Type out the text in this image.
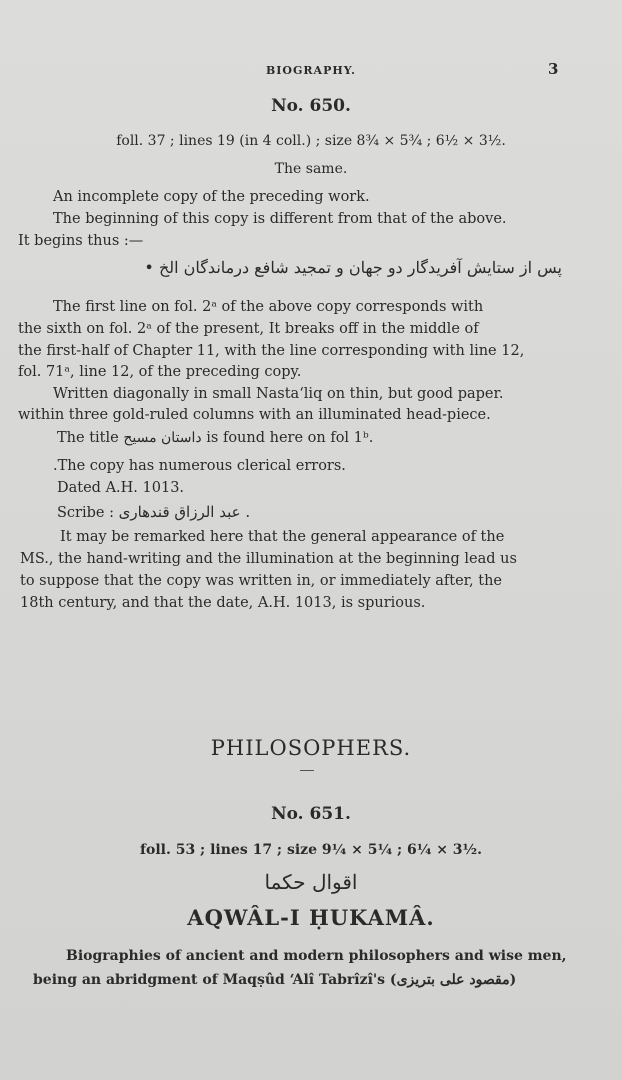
BIOGRAPHY.	3
No. 650.
foll. 37 ; lines 19 (in 4 coll.) ; size 8¾ × 5¾ ; 6½ × 3½.
The same.
An incomplete copy of the preceding work.
The beginning of this copy is different from that of the above.
It begins thus :—
پس از ستایش آفریدگار دو جهان و تمجید شافع درماندگان الخ •
The first line on fol. 2ᵃ of the above copy corresponds with
the sixth on fol. 2ᵃ of the present, It breaks off in the middle of
the first-half of Chapter 11, with the line corresponding with line 12,
fol. 71ᵃ, line 12, of the preceding copy.
Written diagonally in small Nastaʻliq on thin, but good paper.
within three gold-ruled columns with an illuminated head-piece.
The title داستان مسیح is found here on fol 1ᵇ.
.The copy has numerous clerical errors.
Dated A.H. 1013.
Scribe : عبد الرزاق قندهاری .
It may be remarked here that the general appearance of the
MS., the hand-writing and the illumination at the beginning lead us
to suppose that the copy was written in, or immediately after, the
18th century, and that the date, A.H. 1013, is spurious.
PHILOSOPHERS.
No. 651.
foll. 53 ; lines 17 ; size 9¼ × 5¼ ; 6¼ × 3½.
اقوال حکما
AQWÂL-I ḤUKAMÂ.
Biographies of ancient and modern philosophers and wise men,
being an abridgment of Maqṣûd ʻAlî Tabrîzî's (مقصود علی بتریزی)
